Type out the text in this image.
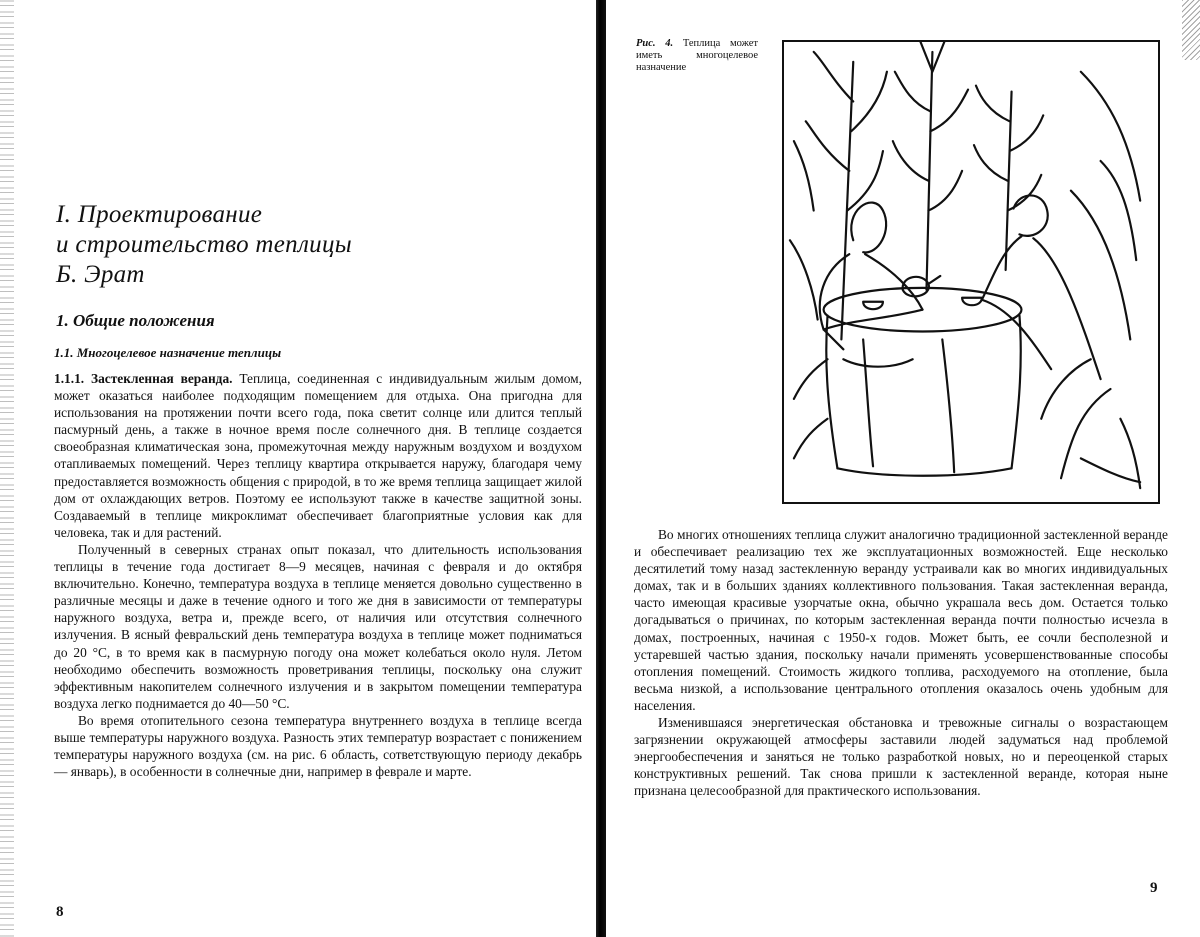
I. Проектирование
и строительство теплицы
Б. Эрат
1. Общие положения
1.1. Многоцелевое назначение теплицы

1.1.1. Застекленная веранда. Теплица, соединенная с индивидуальным жилым домом, может оказаться наиболее подходящим помещением для отдыха. Она пригодна для использования на протяжении почти всего года, пока светит солнце или длится теплый пасмурный день, а также в ночное время после солнечного дня. В теплице создается своеобразная климатическая зона, промежуточная между наружным воздухом и воздухом отапливаемых помещений. Через теплицу квартира открывается наружу, благодаря чему предоставляется возможность общения с природой, в то же время теплица защищает жилой дом от охлаждающих ветров. Поэтому ее используют также в качестве защитной зоны. Создаваемый в теплице микроклимат обеспечивает благоприятные условия как для человека, так и для растений.

Полученный в северных странах опыт показал, что длительность использования теплицы в течение года достигает 8—9 месяцев, начиная с февраля и до октября включительно. Конечно, температура воздуха в теплице меняется довольно существенно в различные месяцы и даже в течение одного и того же дня в зависимости от температуры наружного воздуха, ветра и, прежде всего, от наличия или отсутствия солнечного излучения. В ясный февральский день температура воздуха в теплице может подниматься до 20 °С, в то время как в пасмурную погоду она может колебаться около нуля. Летом необходимо обеспечить возможность проветривания теплицы, поскольку она служит эффективным накопителем солнечного излучения и в закрытом помещении температура воздуха легко поднимается до 40—50 °С.

Во время отопительного сезона температура внутреннего воздуха в теплице всегда выше температуры наружного воздуха. Разность этих температур возрастает с понижением температуры наружного воздуха (см. на рис. 6 область, сответствующую периоду декабрь — январь), в особенности в солнечные дни, например в феврале и марте.

8
Рис. 4. Теплица может иметь многоцелевое назначение

Во многих отношениях теплица служит аналогично традиционной застекленной веранде и обеспечивает реализацию тех же эксплуатационных возможностей. Еще несколько десятилетий тому назад застекленную веранду устраивали как во многих индивидуальных домах, так и в больших зданиях коллективного пользования. Такая застекленная веранда, часто имеющая красивые узорчатые окна, обычно украшала весь дом. Остается только догадываться о причинах, по которым застекленная веранда почти полностью исчезла в домах, построенных, начиная с 1950-х годов. Может быть, ее сочли бесполезной и устаревшей частью здания, поскольку начали применять усовершенствованные способы отопления помещений. Стоимость жидкого топлива, расходуемого на отопление, была весьма низкой, а использование центрального отопления оказалось очень удобным для населения.

Изменившаяся энергетическая обстановка и тревожные сигналы о возрастающем загрязнении окружающей атмосферы заставили людей задуматься над проблемой энергообеспечения и заняться не только разработкой новых, но и переоценкой старых конструктивных решений. Так снова пришли к застекленной веранде, которая ныне признана целесообразной для практического использования.

9
